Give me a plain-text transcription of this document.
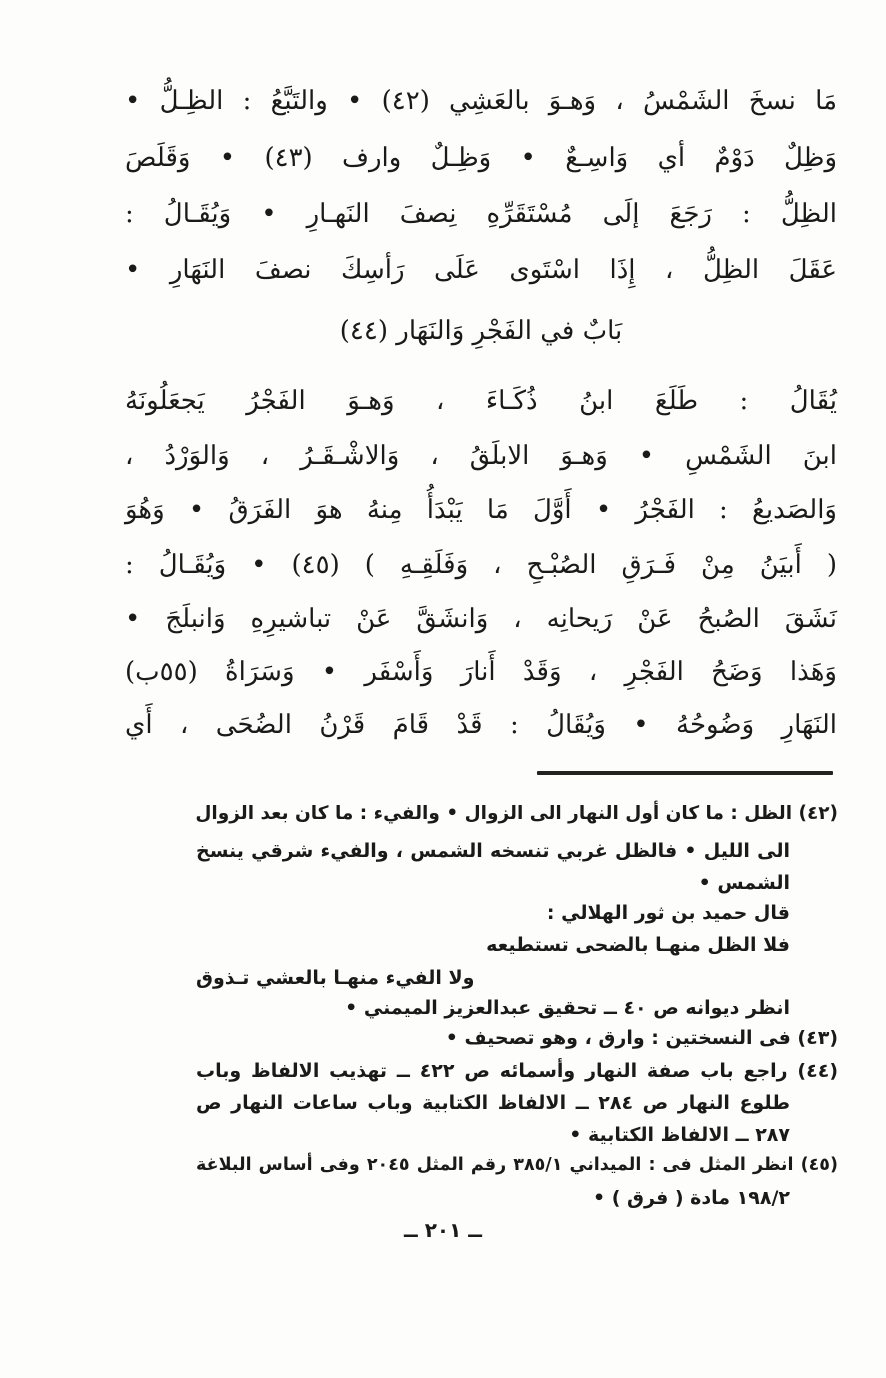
مَا نسخَ الشَمْسُ ، وَهـوَ بالعَشِي (٤٢) • والتَبَّعُ : الظِـلُّ •
وَظِلٌ دَوْمٌ أي وَاسِـعٌ • وَظِـلٌ وارف (٤٣) • وَقَلَصَ
الظِلُّ : رَجَعَ إلَى مُسْتَقَرِّهِ نِصفَ النَهـارِ • وَيُقَـالُ :
عَقَلَ الظِلُّ ، إِذَا اسْتَوى عَلَى رَأسِكَ نصفَ النَهَارِ •
بَابٌ في الفَجْرِ وَالنَهَار (٤٤)
يُقَالُ : طَلَعَ ابنُ ذُكَـاءَ ، وَهـوَ الفَجْرُ يَجعَلُونَهُ
ابنَ الشَمْسِ • وَهـوَ الابلَقُ ، وَالاشْـقَـرُ ، وَالوَرْدُ ،
وَالصَديعُ : الفَجْرُ • أَوَّلَ مَا يَبْدَأُ مِنهُ هوَ الفَرَقُ • وَهُوَ
( أَبيَنُ مِنْ فَـرَقِ الصُبْـحِ ، وَفَلَقِـهِ ) (٤٥) • وَيُقَـالُ :
نَشَقَ الصُبحُ عَنْ رَيحانِه ، وَانشَقَّ عَنْ تباشيرِهِ وَانبلَجَ •
وَهَذا وَضَحُ الفَجْرِ ، وَقَدْ أَنارَ وَأَسْفَر • وَسَرَاةُ (٥٥ب)
النَهَارِ وَضُوحُهُ • وَيُقَالُ : قَدْ قَامَ قَرْنُ الضُحَى ، أَي
(٤٢) الظل : ما كان أول النهار الى الزوال • والفيء : ما كان بعد الزوال
الى الليل • فالظل غربي تنسخه الشمس ، والفيء شرقي ينسخ
الشمس •
قال حميد بن ثور الهلالي :
فلا الظل منهـا بالضحى تستطيعه
ولا الفيء منهـا بالعشي تـذوق
انظر ديوانه ص ٤٠ ــ تحقيق عبدالعزيز الميمني •
(٤٣) فى النسختين : وارق ، وهو تصحيف •
(٤٤) راجع باب صفة النهار وأسمائه ص ٤٢٢ ــ تهذيب الالفاظ وباب
طلوع النهار ص ٢٨٤ ــ الالفاظ الكتابية وباب ساعات النهار ص
٢٨٧ ــ الالفاظ الكتابية •
(٤٥) انظر المثل فى : الميداني ٣٨٥/١ رقم المثل ٢٠٤٥ وفى أساس البلاغة
١٩٨/٢ مادة ( فرق ) •
ــ ٢٠١ ــ
